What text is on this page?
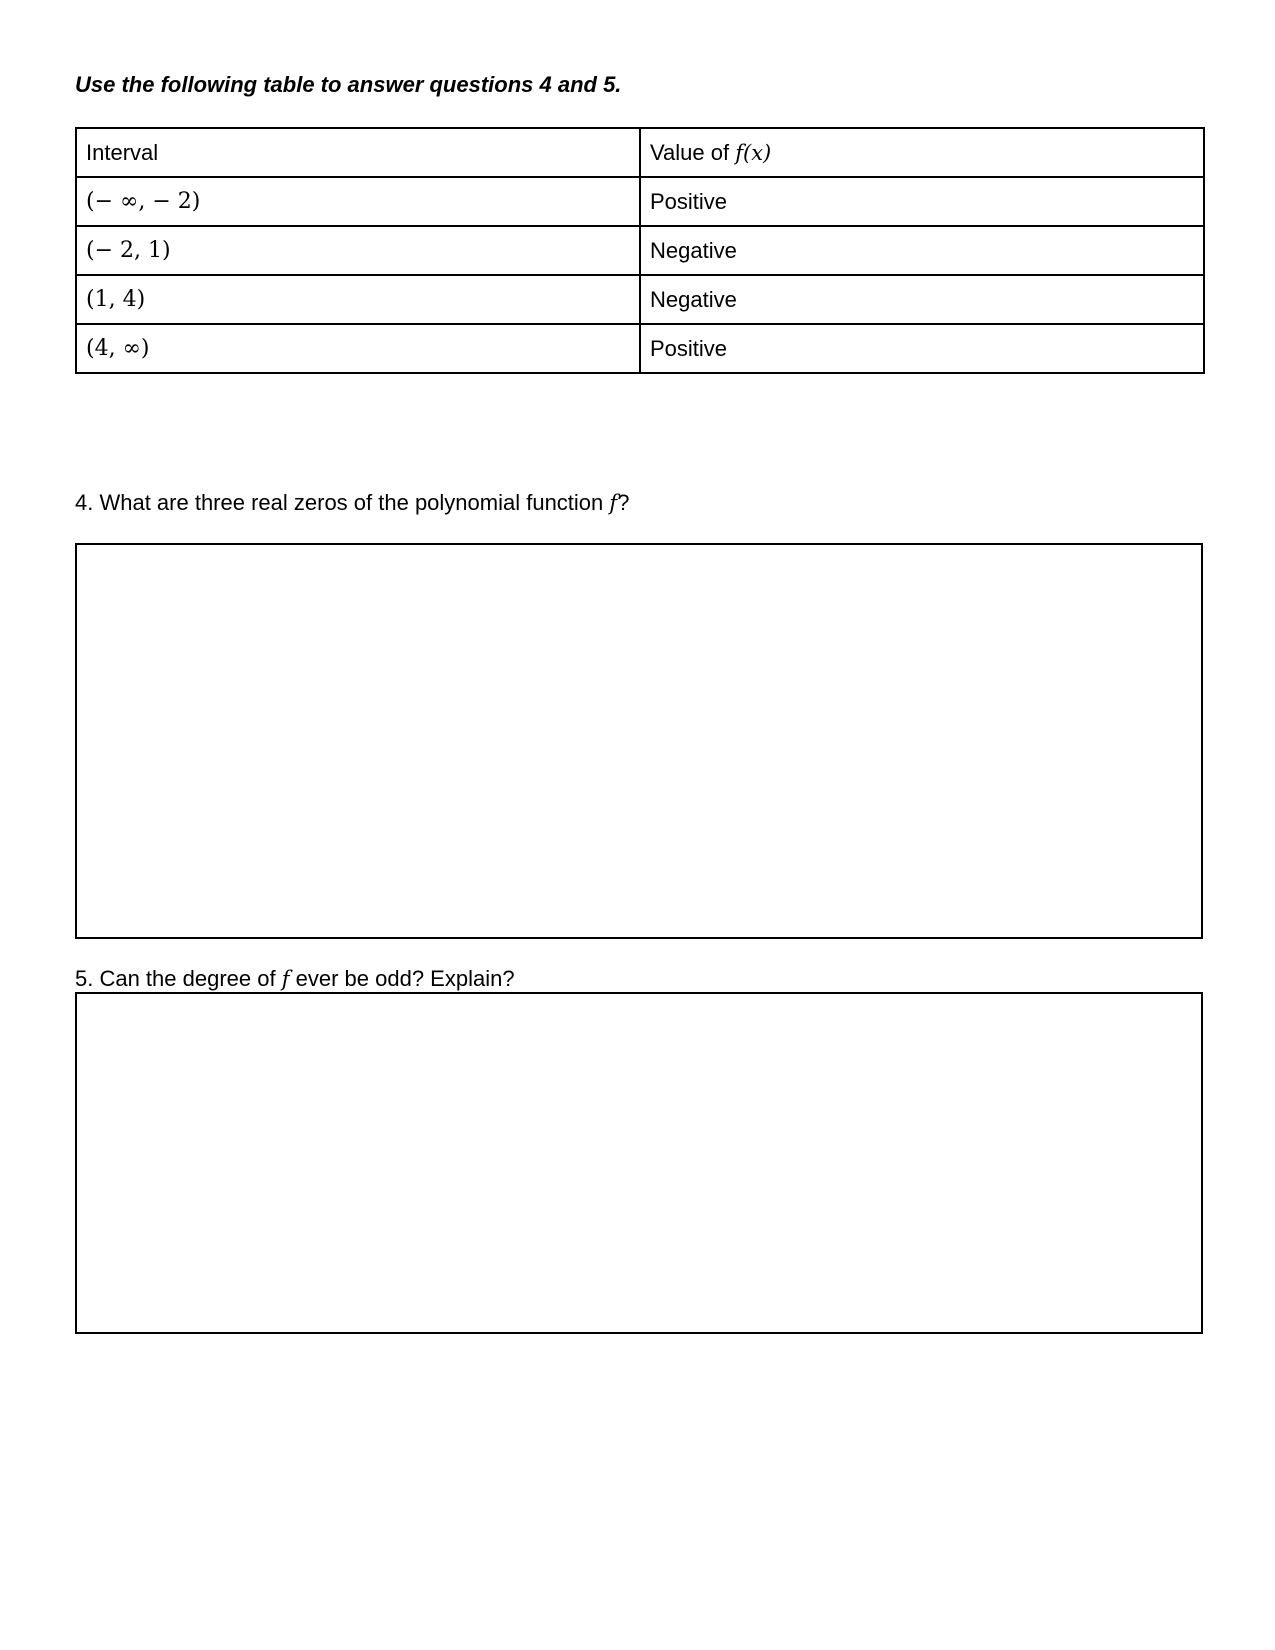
Use the following table to answer questions 4 and 5.

Interval	Value of f(x)
(− ∞, − 2)	Positive
(− 2, 1)	Negative
(1, 4)	Negative
(4, ∞)	Positive

4. What are three real zeros of the polynomial function f?

5. Can the degree of f ever be odd? Explain?
